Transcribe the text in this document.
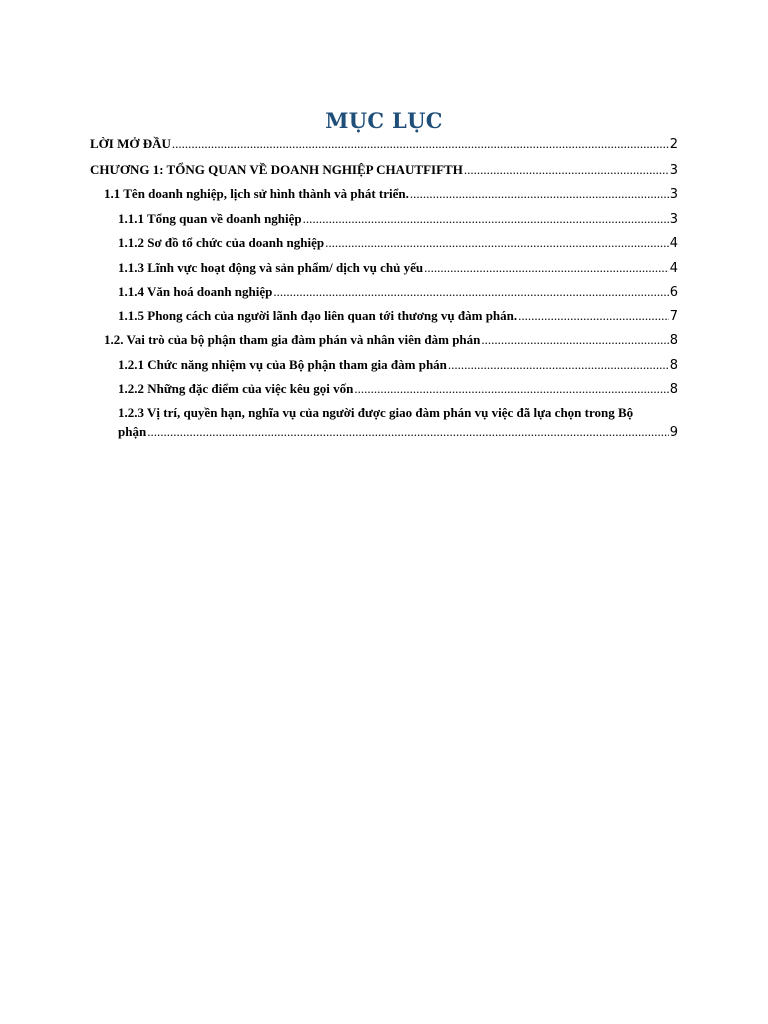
MỤC LỤC
LỜI MỞ ĐẦU .....	2
CHƯƠNG 1: TỔNG QUAN VỀ DOANH NGHIỆP CHAUTFIFTH .....	3
1.1 Tên doanh nghiệp, lịch sử hình thành và phát triển. .....	3
1.1.1 Tổng quan về doanh nghiệp .....	3
1.1.2 Sơ đồ tổ chức của doanh nghiệp .....	4
1.1.3 Lĩnh vực hoạt động và sản phẩm/ dịch vụ chủ yếu .....	4
1.1.4 Văn hoá doanh nghiệp .....	6
1.1.5 Phong cách của người lãnh đạo liên quan tới thương vụ đàm phán. .....	7
1.2. Vai trò của bộ phận tham gia đàm phán và nhân viên đàm phán .....	8
1.2.1 Chức năng nhiệm vụ của Bộ phận tham gia đàm phán .....	8
1.2.2 Những đặc điểm của việc kêu gọi vốn .....	8
1.2.3 Vị trí, quyền hạn, nghĩa vụ của người được giao đàm phán vụ việc đã lựa chọn trong Bộ
phận .....	9
